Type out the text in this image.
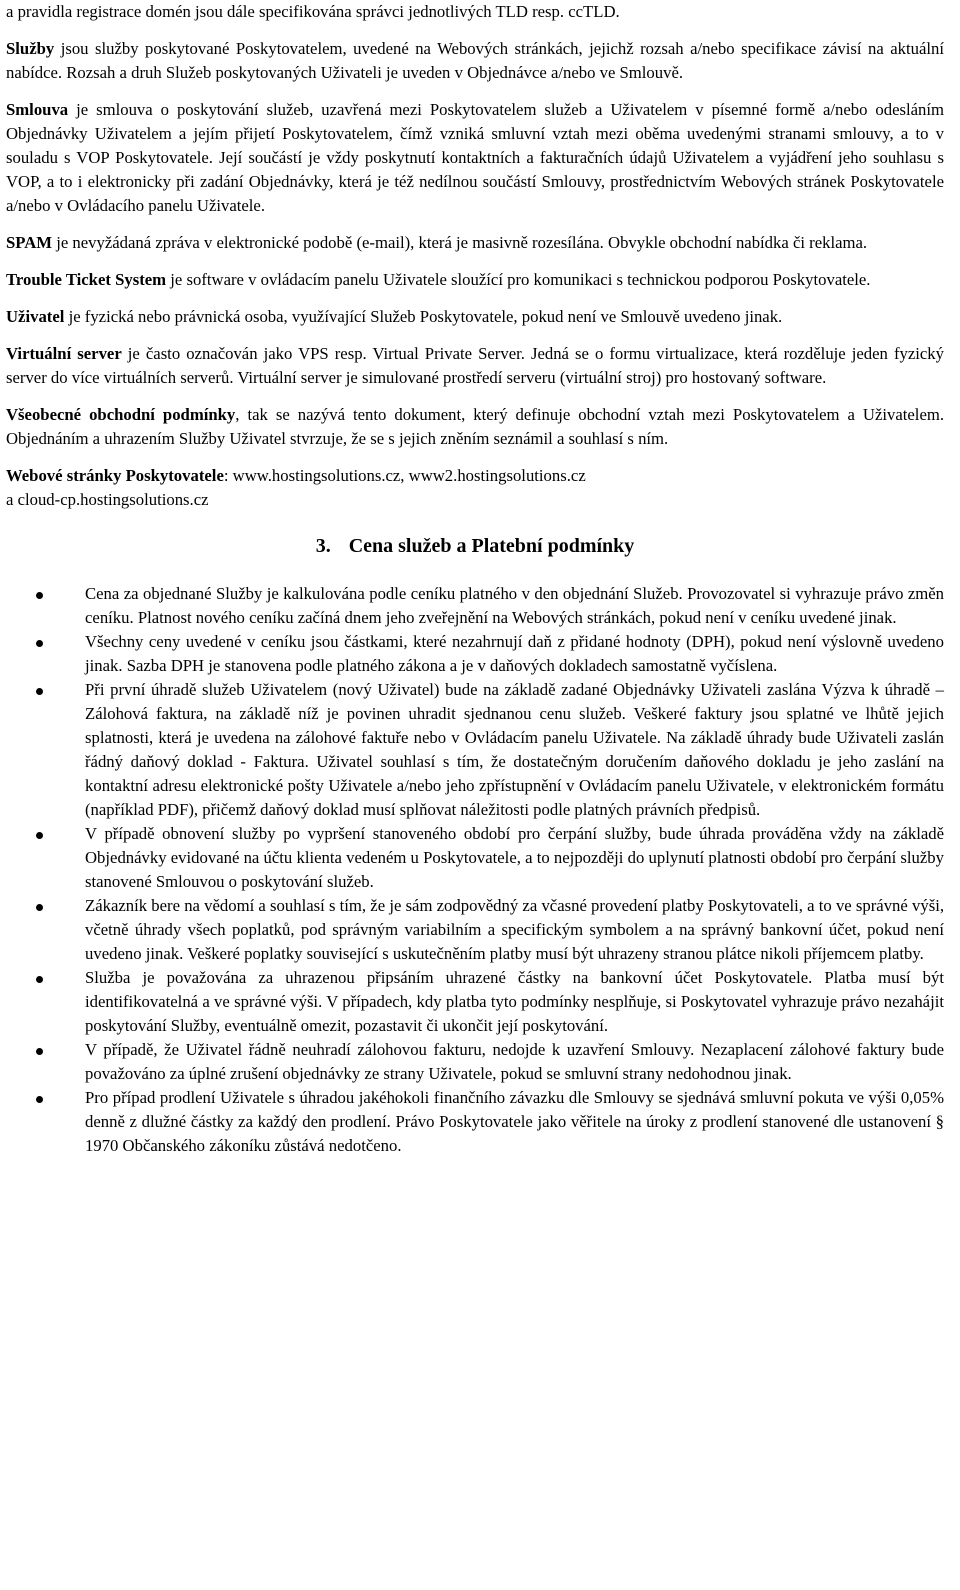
a pravidla registrace domén jsou dále specifikována správci jednotlivých TLD resp. ccTLD.

Služby jsou služby poskytované Poskytovatelem, uvedené na Webových stránkách, jejichž rozsah a/nebo specifikace závisí na aktuální nabídce. Rozsah a druh Služeb poskytovaných Uživateli je uveden v Objednávce a/nebo ve Smlouvě.

Smlouva je smlouva o poskytování služeb, uzavřená mezi Poskytovatelem služeb a Uživatelem v písemné formě a/nebo odesláním Objednávky Uživatelem a jejím přijetí Poskytovatelem, čímž vzniká smluvní vztah mezi oběma uvedenými stranami smlouvy, a to v souladu s VOP Poskytovatele. Její součástí je vždy poskytnutí kontaktních a fakturačních údajů Uživatelem a vyjádření jeho souhlasu s VOP, a to i elektronicky při zadání Objednávky, která je též nedílnou součástí Smlouvy, prostřednictvím Webových stránek Poskytovatele a/nebo v Ovládacího panelu Uživatele.

SPAM je nevyžádaná zpráva v elektronické podobě (e-mail), která je masivně rozesílána. Obvykle obchodní nabídka či reklama.

Trouble Ticket System je software v ovládacím panelu Uživatele sloužící pro komunikaci s technickou podporou Poskytovatele.

Uživatel je fyzická nebo právnická osoba, využívající Služeb Poskytovatele, pokud není ve Smlouvě uvedeno jinak.

Virtuální server je často označován jako VPS resp. Virtual Private Server. Jedná se o formu virtualizace, která rozděluje jeden fyzický server do více virtuálních serverů. Virtuální server je simulované prostředí serveru (virtuální stroj) pro hostovaný software.

Všeobecné obchodní podmínky, tak se nazývá tento dokument, který definuje obchodní vztah mezi Poskytovatelem a Uživatelem. Objednáním a uhrazením Služby Uživatel stvrzuje, že se s jejich zněním seznámil a souhlasí s ním.

Webové stránky Poskytovatele: www.hostingsolutions.cz, www2.hostingsolutions.cz
a cloud-cp.hostingsolutions.cz

3. Cena služeb a Platební podmínky
Cena za objednané Služby je kalkulována podle ceníku platného v den objednání Služeb. Provozovatel si vyhrazuje právo změn ceníku. Platnost nového ceníku začíná dnem jeho zveřejnění na Webových stránkách, pokud není v ceníku uvedené jinak.
Všechny ceny uvedené v ceníku jsou částkami, které nezahrnují daň z přidané hodnoty (DPH), pokud není výslovně uvedeno jinak. Sazba DPH je stanovena podle platného zákona a je v daňových dokladech samostatně vyčíslena.
Při první úhradě služeb Uživatelem (nový Uživatel) bude na základě zadané Objednávky Uživateli zaslána Výzva k úhradě – Zálohová faktura, na základě níž je povinen uhradit sjednanou cenu služeb. Veškeré faktury jsou splatné ve lhůtě jejich splatnosti, která je uvedena na zálohové faktuře nebo v Ovládacím panelu Uživatele. Na základě úhrady bude Uživateli zaslán řádný daňový doklad - Faktura. Uživatel souhlasí s tím, že dostatečným doručením daňového dokladu je jeho zaslání na kontaktní adresu elektronické pošty Uživatele a/nebo jeho zpřístupnění v Ovládacím panelu Uživatele, v elektronickém formátu (například PDF), přičemž daňový doklad musí splňovat náležitosti podle platných právních předpisů.
V případě obnovení služby po vypršení stanoveného období pro čerpání služby, bude úhrada prováděna vždy na základě Objednávky evidované na účtu klienta vedeném u Poskytovatele, a to nejpozději do uplynutí platnosti období pro čerpání služby stanovené Smlouvou o poskytování služeb.
Zákazník bere na vědomí a souhlasí s tím, že je sám zodpovědný za včasné provedení platby Poskytovateli, a to ve správné výši, včetně úhrady všech poplatků, pod správným variabilním a specifickým symbolem a na správný bankovní účet, pokud není uvedeno jinak. Veškeré poplatky související s uskutečněním platby musí být uhrazeny stranou plátce nikoli příjemcem platby.
Služba je považována za uhrazenou připsáním uhrazené částky na bankovní účet Poskytovatele. Platba musí být identifikovatelná a ve správné výši. V případech, kdy platba tyto podmínky nesplňuje, si Poskytovatel vyhrazuje právo nezahájit poskytování Služby, eventuálně omezit, pozastavit či ukončit její poskytování.
V případě, že Uživatel řádně neuhradí zálohovou fakturu, nedojde k uzavření Smlouvy. Nezaplacení zálohové faktury bude považováno za úplné zrušení objednávky ze strany Uživatele, pokud se smluvní strany nedohodnou jinak.
Pro případ prodlení Uživatele s úhradou jakéhokoli finančního závazku dle Smlouvy se sjednává smluvní pokuta ve výši 0,05% denně z dlužné částky za každý den prodlení. Právo Poskytovatele jako věřitele na úroky z prodlení stanovené dle ustanovení § 1970 Občanského zákoníku zůstává nedotčeno.
